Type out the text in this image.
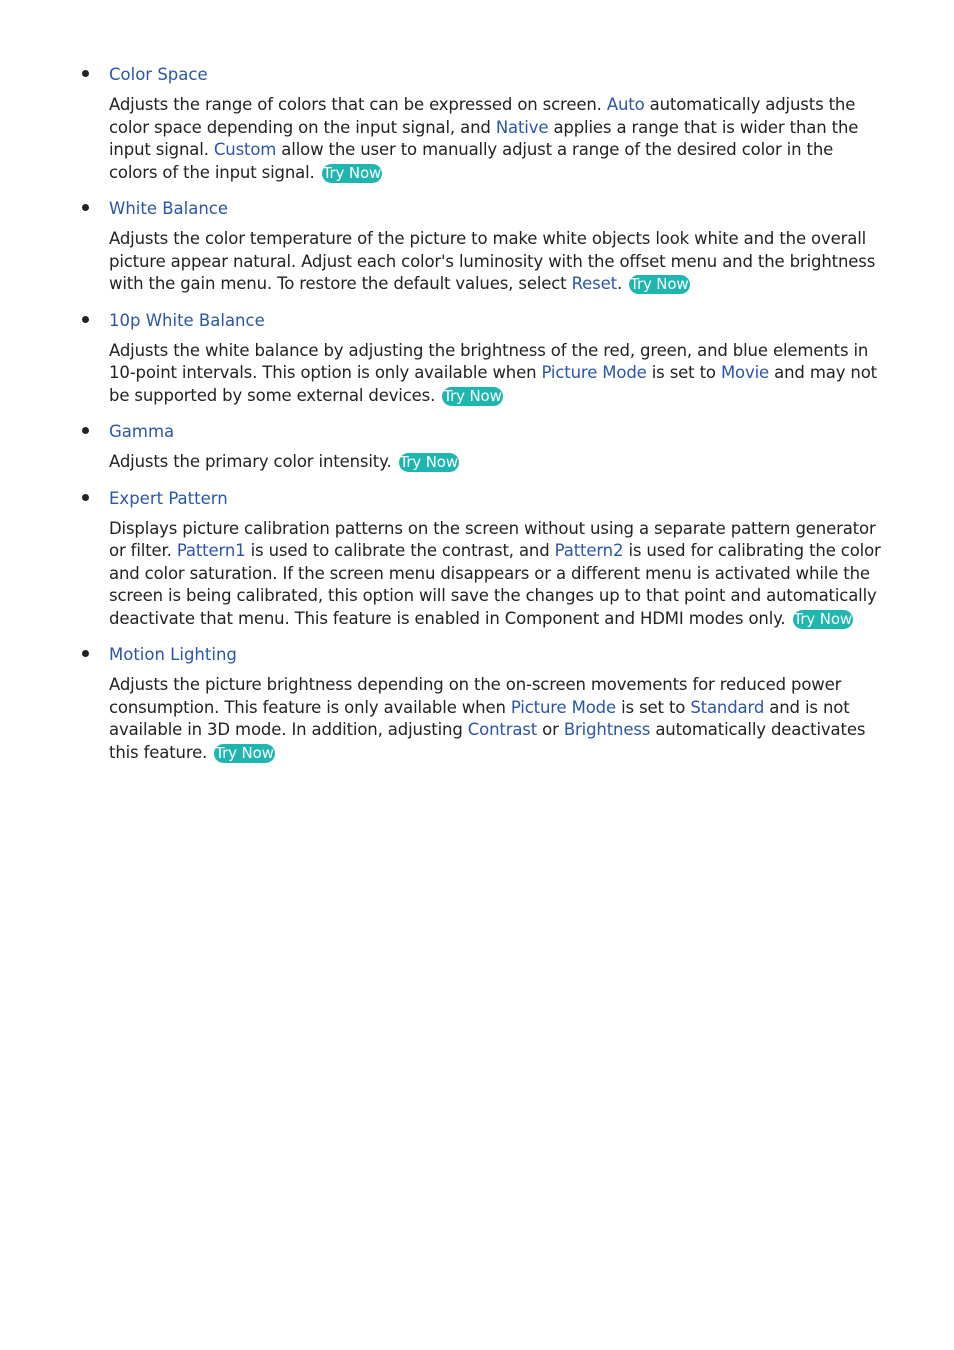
Color Space

Adjusts the range of colors that can be expressed on screen. Auto automatically adjusts the color space depending on the input signal, and Native applies a range that is wider than the input signal. Custom allow the user to manually adjust a range of the desired color in the colors of the input signal. Try Now

White Balance

Adjusts the color temperature of the picture to make white objects look white and the overall picture appear natural. Adjust each color's luminosity with the offset menu and the brightness with the gain menu. To restore the default values, select Reset. Try Now

10p White Balance

Adjusts the white balance by adjusting the brightness of the red, green, and blue elements in 10-point intervals. This option is only available when Picture Mode is set to Movie and may not be supported by some external devices. Try Now

Gamma

Adjusts the primary color intensity. Try Now

Expert Pattern

Displays picture calibration patterns on the screen without using a separate pattern generator or filter. Pattern1 is used to calibrate the contrast, and Pattern2 is used for calibrating the color and color saturation. If the screen menu disappears or a different menu is activated while the screen is being calibrated, this option will save the changes up to that point and automatically deactivate that menu. This feature is enabled in Component and HDMI modes only. Try Now

Motion Lighting

Adjusts the picture brightness depending on the on-screen movements for reduced power consumption. This feature is only available when Picture Mode is set to Standard and is not available in 3D mode. In addition, adjusting Contrast or Brightness automatically deactivates this feature. Try Now
